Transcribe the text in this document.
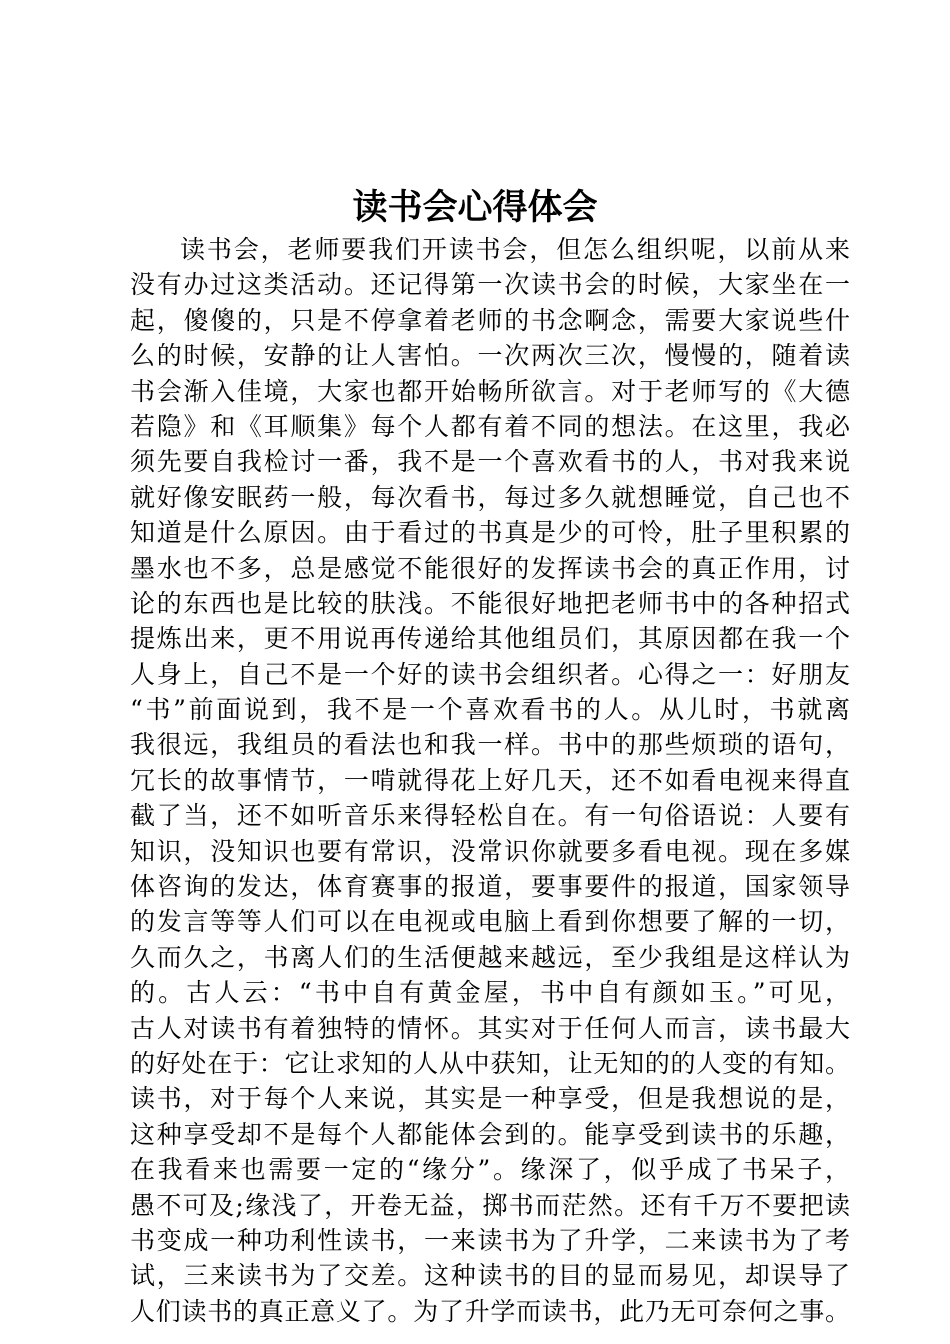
读书会心得体会
读书会，老师要我们开读书会，但怎么组织呢，以前从来
没有办过这类活动。还记得第一次读书会的时候，大家坐在一
起，傻傻的，只是不停拿着老师的书念啊念，需要大家说些什
么的时候，安静的让人害怕。一次两次三次，慢慢的，随着读
书会渐入佳境，大家也都开始畅所欲言。对于老师写的《大德
若隐》和《耳顺集》每个人都有着不同的想法。在这里，我必
须先要自我检讨一番，我不是一个喜欢看书的人，书对我来说
就好像安眠药一般，每次看书，每过多久就想睡觉，自己也不
知道是什么原因。由于看过的书真是少的可怜，肚子里积累的
墨水也不多，总是感觉不能很好的发挥读书会的真正作用，讨
论的东西也是比较的肤浅。不能很好地把老师书中的各种招式
提炼出来，更不用说再传递给其他组员们，其原因都在我一个
人身上，自己不是一个好的读书会组织者。心得之一：好朋友
“书”前面说到，我不是一个喜欢看书的人。从儿时，书就离
我很远，我组员的看法也和我一样。书中的那些烦琐的语句，
冗长的故事情节，一啃就得花上好几天，还不如看电视来得直
截了当，还不如听音乐来得轻松自在。有一句俗语说：人要有
知识，没知识也要有常识，没常识你就要多看电视。现在多媒
体咨询的发达，体育赛事的报道，要事要件的报道，国家领导
的发言等等人们可以在电视或电脑上看到你想要了解的一切，
久而久之，书离人们的生活便越来越远，至少我组是这样认为
的。古人云：“书中自有黄金屋，书中自有颜如玉。”可见，
古人对读书有着独特的情怀。其实对于任何人而言，读书最大
的好处在于：它让求知的人从中获知，让无知的的人变的有知。
读书，对于每个人来说，其实是一种享受，但是我想说的是，
这种享受却不是每个人都能体会到的。能享受到读书的乐趣，
在我看来也需要一定的“缘分”。缘深了，似乎成了书呆子，
愚不可及;缘浅了，开卷无益，掷书而茫然。还有千万不要把读
书变成一种功利性读书，一来读书为了升学，二来读书为了考
试，三来读书为了交差。这种读书的目的显而易见，却误导了
人们读书的真正意义了。为了升学而读书，此乃无可奈何之事。
